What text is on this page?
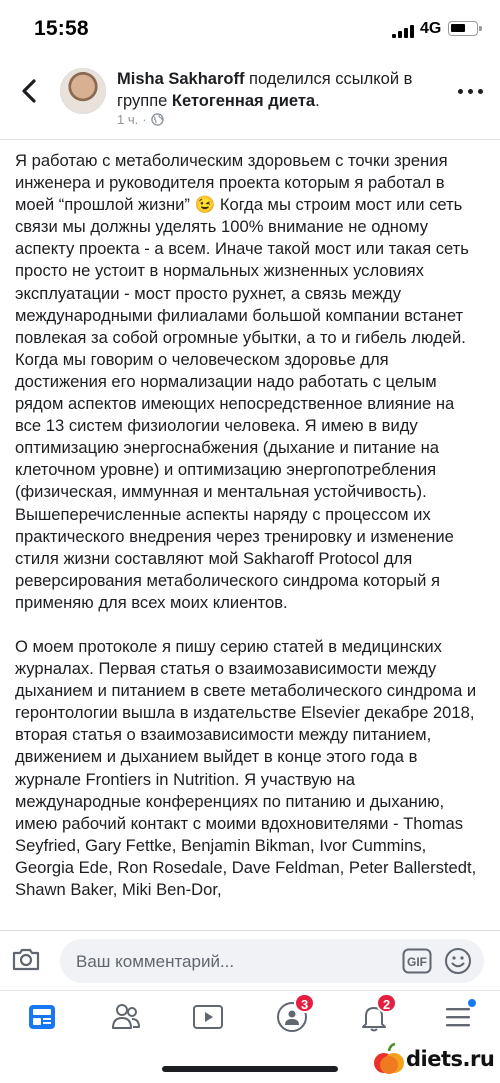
15:58	4G
Misha Sakharoff поделился ссылкой в группе Кетогенная диета.
1 ч. ·

Я работаю с метаболическим здоровьем с точки зрения инженера и руководителя проекта которым я работал в моей “прошлой жизни” 😉 Когда мы строим мост или сеть связи мы должны уделять 100% внимание не одному аспекту проекта - а всем. Иначе такой мост или такая сеть просто не устоит в нормальных жизненных условиях эксплуатации - мост просто рухнет, а связь между международными филиалами большой компании встанет повлекая за собой огромные убытки, а то и гибель людей. Когда мы говорим о человеческом здоровье для достижения его нормализации надо работать с целым рядом аспектов имеющих непосредственное влияние на все 13 систем физиологии человека. Я имею в виду оптимизацию энергоснабжения (дыхание и питание на клеточном уровне) и оптимизацию энергопотребления (физическая, иммунная и ментальная устойчивость). Вышеперечисленные аспекты наряду с процессом их практического внедрения через тренировку и изменение стиля жизни составляют мой Sakharoff Protocol для реверсирования метаболического синдрома который я применяю для всех моих клиентов.

О моем протоколе я пишу серию статей в медицинских журналах. Первая статья о взаимозависимости между дыханием и питанием в свете метаболического синдрома и геронтологии вышла в издательстве Elsevier декабре 2018, вторая статья о взаимозависимости между питанием, движением и дыханием выйдет в конце этого года в журнале Frontiers in Nutrition. Я участвую на международные конференциях по питанию и дыханию, имею рабочий контакт с моими вдохновителями - Thomas Seyfried, Gary Fettke, Benjamin Bikman, Ivor Cummins, Georgia Ede, Ron Rosedale, Dave Feldman, Peter Ballerstedt, Shawn Baker, Miki Ben-Dor,

Ваш комментарий...	GIF
3	2
diets.ru
